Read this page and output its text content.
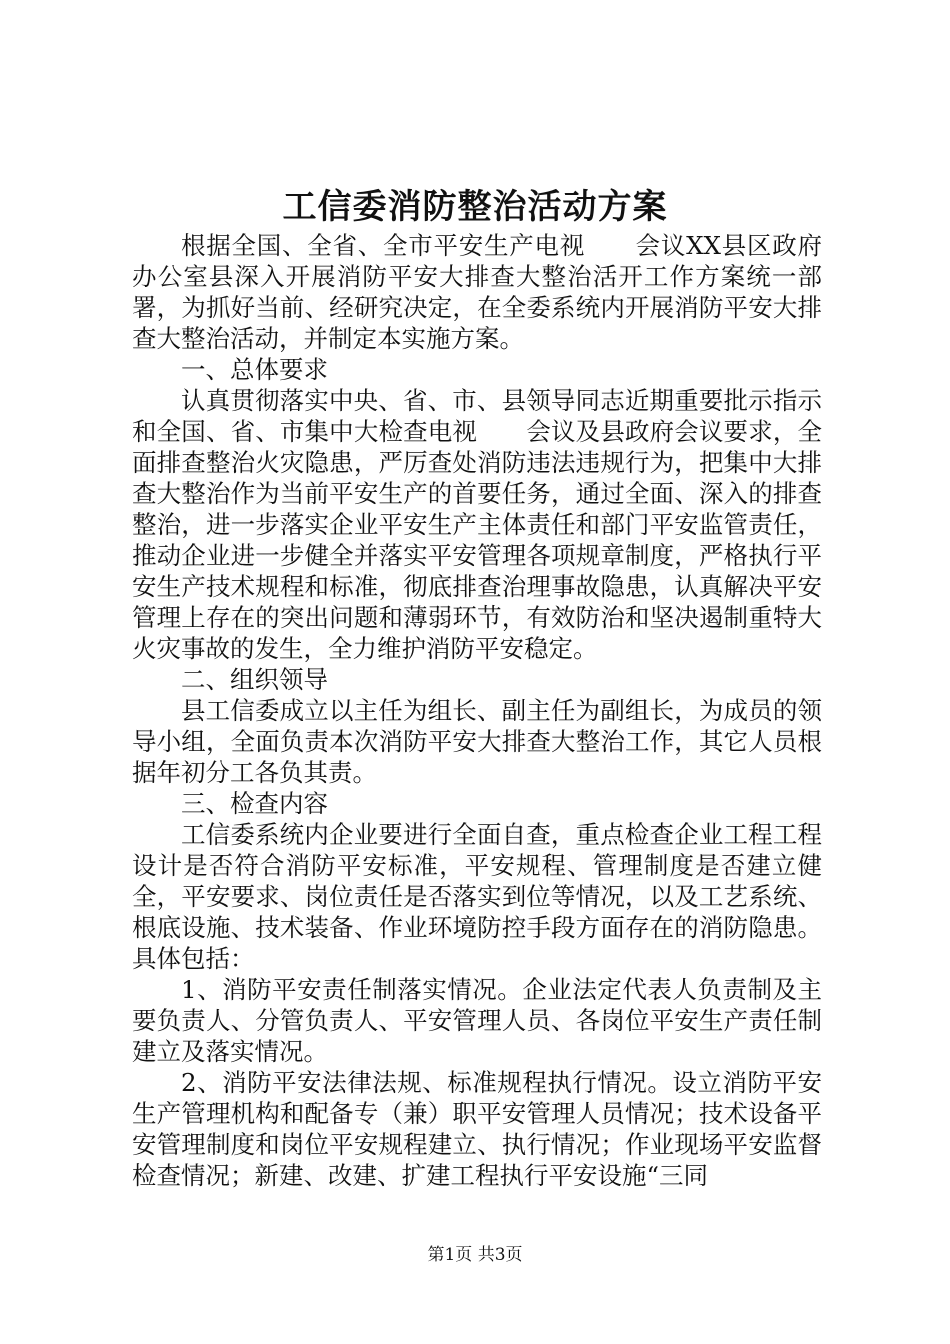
工信委消防整治活动方案

根据全国、全省、全市平安生产电视　　会议XX县区政府办公室县深入开展消防平安大排查大整治活开工作方案统一部署，为抓好当前、经研究决定，在全委系统内开展消防平安大排查大整治活动，并制定本实施方案。

一、总体要求

认真贯彻落实中央、省、市、县领导同志近期重要批示指示和全国、省、市集中大检查电视　　会议及县政府会议要求，全面排查整治火灾隐患，严厉查处消防违法违规行为，把集中大排查大整治作为当前平安生产的首要任务，通过全面、深入的排查整治，进一步落实企业平安生产主体责任和部门平安监管责任，推动企业进一步健全并落实平安管理各项规章制度，严格执行平安生产技术规程和标准，彻底排查治理事故隐患，认真解决平安管理上存在的突出问题和薄弱环节，有效防治和坚决遏制重特大火灾事故的发生，全力维护消防平安稳定。

二、组织领导

县工信委成立以主任为组长、副主任为副组长，为成员的领导小组，全面负责本次消防平安大排查大整治工作，其它人员根据年初分工各负其责。

三、检查内容

工信委系统内企业要进行全面自查，重点检查企业工程工程设计是否符合消防平安标准，平安规程、管理制度是否建立健全，平安要求、岗位责任是否落实到位等情况，以及工艺系统、根底设施、技术装备、作业环境防控手段方面存在的消防隐患。具体包括：

1、消防平安责任制落实情况。企业法定代表人负责制及主要负责人、分管负责人、平安管理人员、各岗位平安生产责任制建立及落实情况。

2、消防平安法律法规、标准规程执行情况。设立消防平安生产管理机构和配备专（兼）职平安管理人员情况；技术设备平安管理制度和岗位平安规程建立、执行情况；作业现场平安监督检查情况；新建、改建、扩建工程执行平安设施“三同

第1页 共3页
